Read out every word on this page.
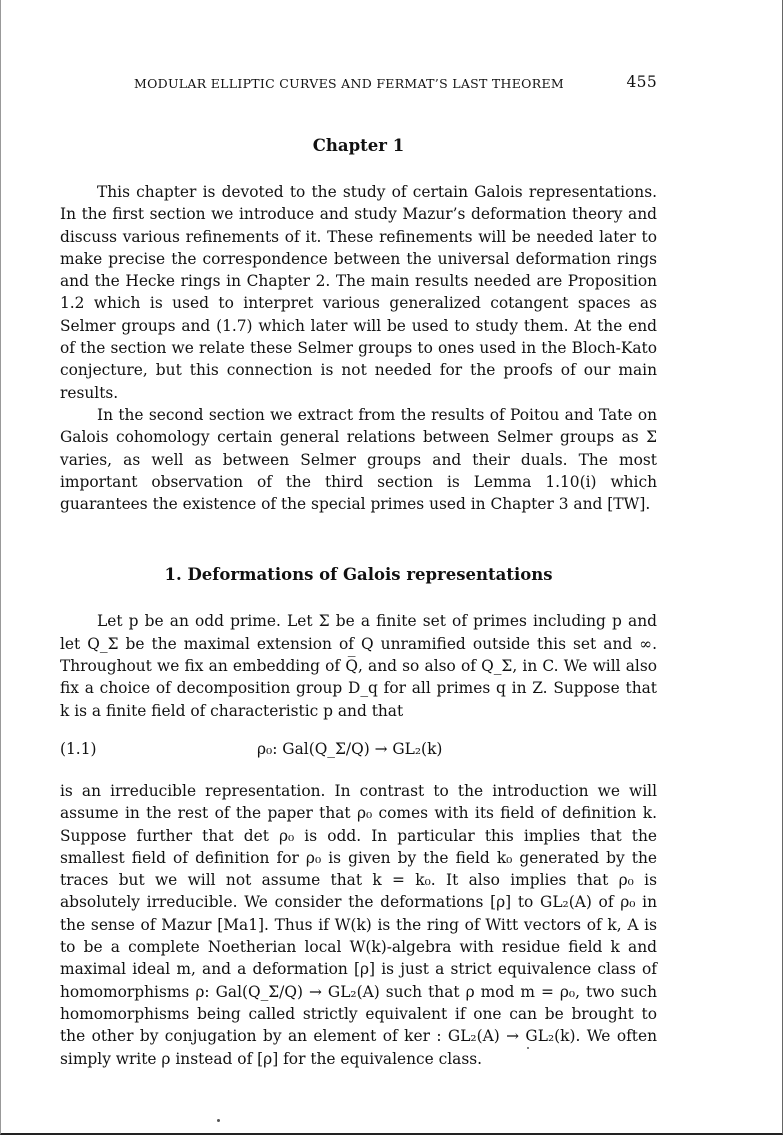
MODULAR ELLIPTIC CURVES AND FERMAT’S LAST THEOREM	455
Chapter 1

This chapter is devoted to the study of certain Galois representations. In the first section we introduce and study Mazur’s deformation theory and discuss various refinements of it. These refinements will be needed later to make precise the correspondence between the universal deformation rings and the Hecke rings in Chapter 2. The main results needed are Proposition 1.2 which is used to interpret various generalized cotangent spaces as Selmer groups and (1.7) which later will be used to study them. At the end of the section we relate these Selmer groups to ones used in the Bloch-Kato conjecture, but this connection is not needed for the proofs of our main results.

In the second section we extract from the results of Poitou and Tate on Galois cohomology certain general relations between Selmer groups as Σ varies, as well as between Selmer groups and their duals. The most important observation of the third section is Lemma 1.10(i) which guarantees the existence of the special primes used in Chapter 3 and [TW].

1. Deformations of Galois representations

Let p be an odd prime. Let Σ be a finite set of primes including p and let Q_Σ be the maximal extension of Q unramified outside this set and ∞. Throughout we fix an embedding of Q̅, and so also of Q_Σ, in C. We will also fix a choice of decomposition group D_q for all primes q in Z. Suppose that k is a finite field of characteristic p and that

(1.1)	ρ₀: Gal(Q_Σ/Q) → GL₂(k)

is an irreducible representation. In contrast to the introduction we will assume in the rest of the paper that ρ₀ comes with its field of definition k. Suppose further that det ρ₀ is odd. In particular this implies that the smallest field of definition for ρ₀ is given by the field k₀ generated by the traces but we will not assume that k = k₀. It also implies that ρ₀ is absolutely irreducible. We consider the deformations [ρ] to GL₂(A) of ρ₀ in the sense of Mazur [Ma1]. Thus if W(k) is the ring of Witt vectors of k, A is to be a complete Noetherian local W(k)-algebra with residue field k and maximal ideal m, and a deformation [ρ] is just a strict equivalence class of homomorphisms ρ: Gal(Q_Σ/Q) → GL₂(A) such that ρ mod m = ρ₀, two such homomorphisms being called strictly equivalent if one can be brought to the other by conjugation by an element of ker : GL₂(A) → GL₂(k). We often simply write ρ instead of [ρ] for the equivalence class.
